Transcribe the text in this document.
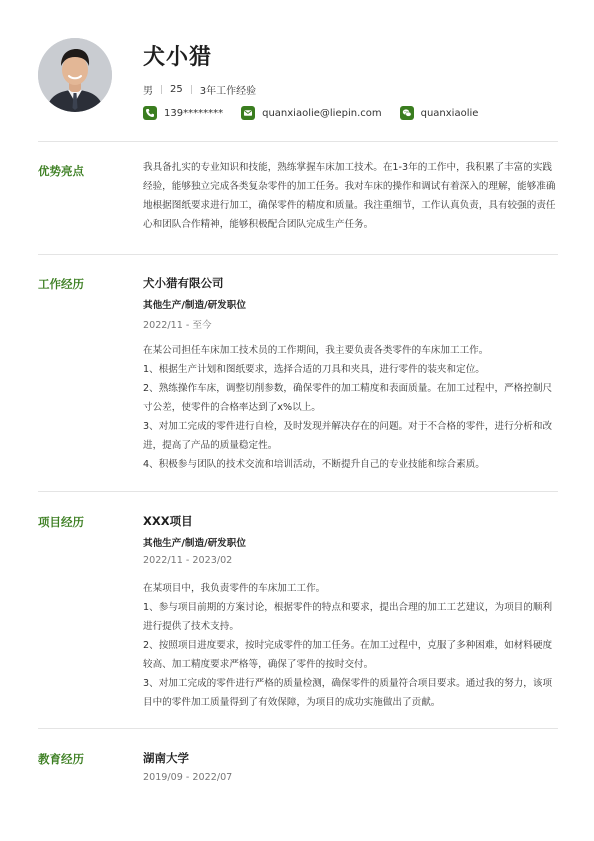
犬小猎
男 25 3年工作经验
139********	quanxiaolie@liepin.com	quanxiaolie
优势亮点	我具备扎实的专业知识和技能，熟练掌握车床加工技术。在1-3年的工作中，我积累了丰富的实践经验，能够独立完成各类复杂零件的加工任务。我对车床的操作和调试有着深入的理解，能够准确地根据图纸要求进行加工，确保零件的精度和质量。我注重细节，工作认真负责，具有较强的责任心和团队合作精神，能够积极配合团队完成生产任务。

工作经历	犬小猎有限公司
其他生产/制造/研发职位
2022/11 - 至今

在某公司担任车床加工技术员的工作期间，我主要负责各类零件的车床加工工作。

1、根据生产计划和图纸要求，选择合适的刀具和夹具，进行零件的装夹和定位。

2、熟练操作车床，调整切削参数，确保零件的加工精度和表面质量。在加工过程中，严格控制尺寸公差，使零件的合格率达到了x%以上。

3、对加工完成的零件进行自检，及时发现并解决存在的问题。对于不合格的零件，进行分析和改进，提高了产品的质量稳定性。

4、积极参与团队的技术交流和培训活动，不断提升自己的专业技能和综合素质。

项目经历	XXX项目
其他生产/制造/研发职位
2022/11 - 2023/02

在某项目中，我负责零件的车床加工工作。

1、参与项目前期的方案讨论，根据零件的特点和要求，提出合理的加工工艺建议，为项目的顺利进行提供了技术支持。

2、按照项目进度要求，按时完成零件的加工任务。在加工过程中，克服了多种困难，如材料硬度较高、加工精度要求严格等，确保了零件的按时交付。

3、对加工完成的零件进行严格的质量检测，确保零件的质量符合项目要求。通过我的努力，该项目中的零件加工质量得到了有效保障，为项目的成功实施做出了贡献。

教育经历	湖南大学
2019/09 - 2022/07
